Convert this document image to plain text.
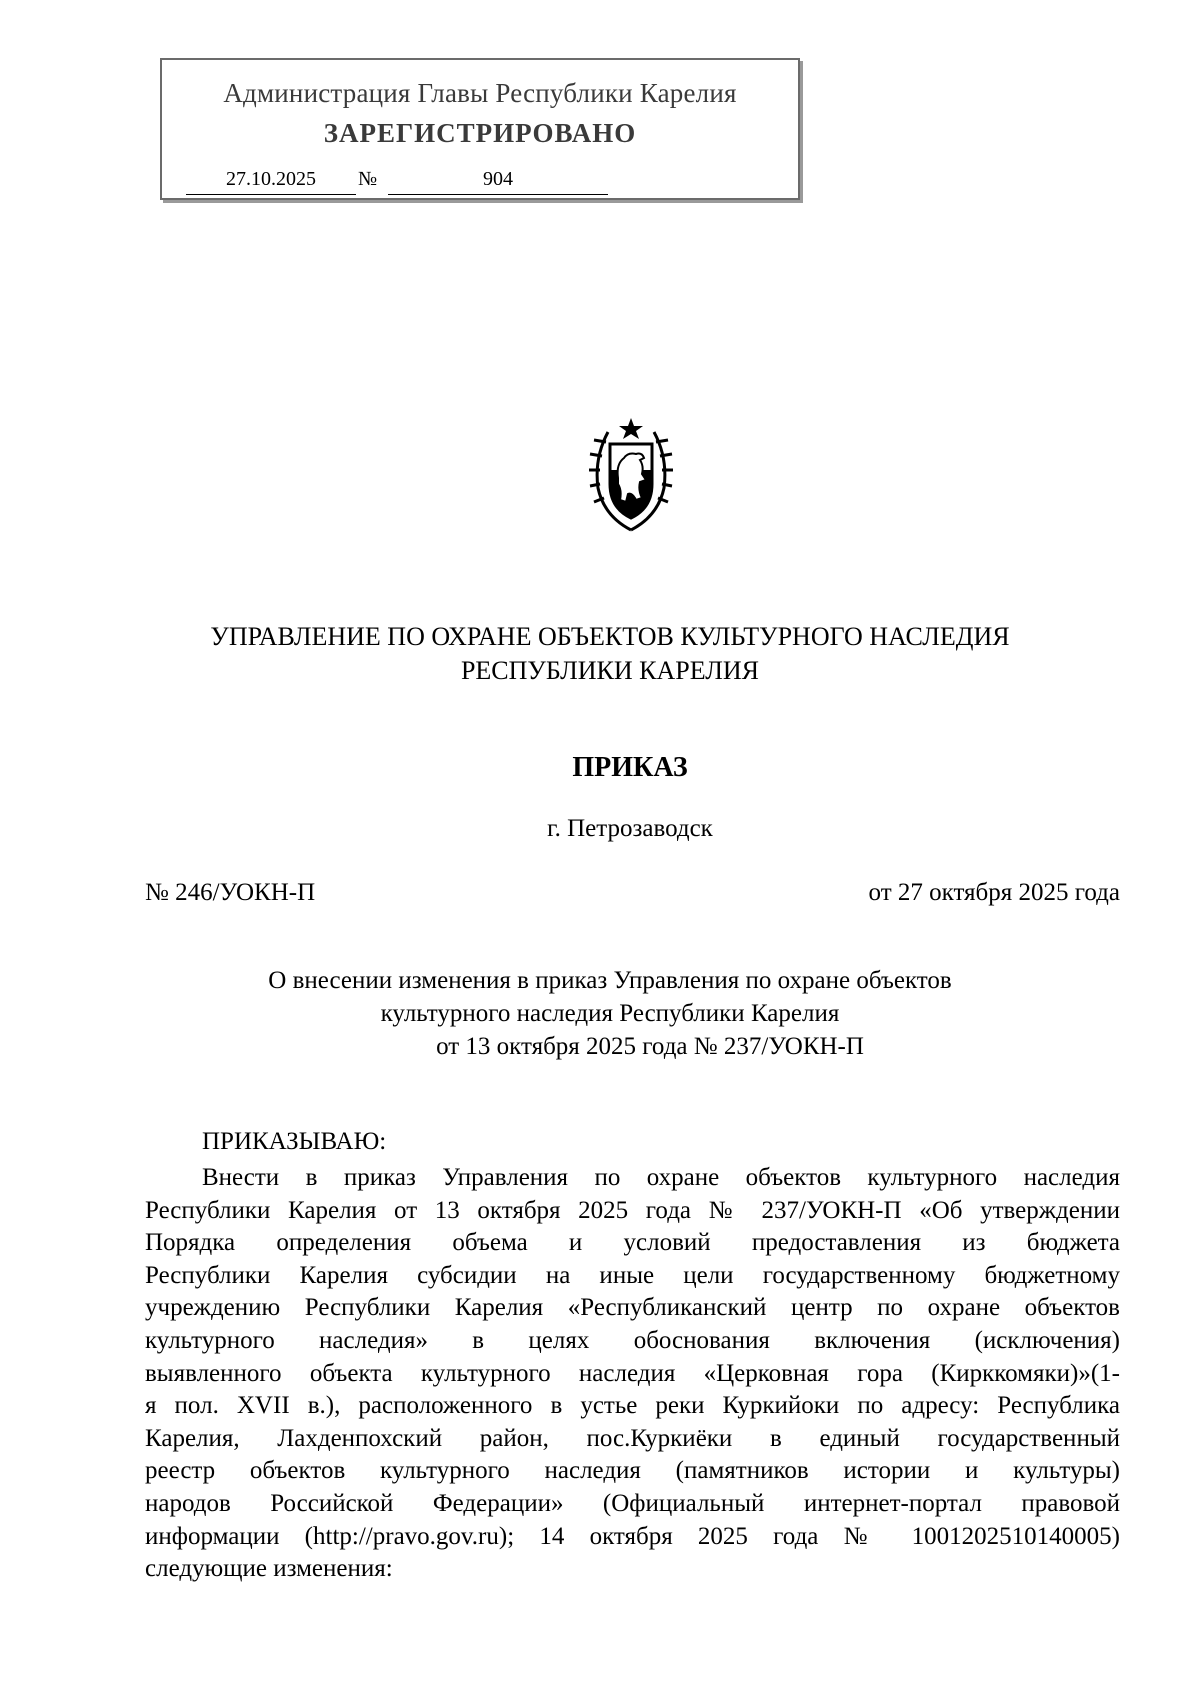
Администрация Главы Республики Карелия
ЗАРЕГИСТРИРОВАНО
27.10.2025	№	904
УПРАВЛЕНИЕ ПО ОХРАНЕ ОБЪЕКТОВ КУЛЬТУРНОГО НАСЛЕДИЯ
РЕСПУБЛИКИ КАРЕЛИЯ
ПРИКАЗ
г. Петрозаводск
№ 246/УОКН-П	от 27 октября 2025 года
О внесении изменения в приказ Управления по охране объектов
культурного наследия Республики Карелия
от 13 октября 2025 года № 237/УОКН-П
ПРИКАЗЫВАЮ:
Внести в приказ Управления по охране объектов культурного наследия
Республики Карелия от 13 октября 2025 года № 237/УОКН-П «Об утверждении
Порядка определения объема и условий предоставления из бюджета
Республики Карелия субсидии на иные цели государственному бюджетному
учреждению Республики Карелия «Республиканский центр по охране объектов
культурного наследия» в целях обоснования включения (исключения)
выявленного объекта культурного наследия «Церковная гора (Кирккомяки)»(1-
я пол. XVII в.), расположенного в устье реки Куркийоки по адресу: Республика
Карелия, Лахденпохский район, пос.Куркиёки в единый государственный
реестр объектов культурного наследия (памятников истории и культуры)
народов Российской Федерации» (Официальный интернет-портал правовой
информации (http://pravo.gov.ru); 14 октября 2025 года № 1001202510140005)
следующие изменения:
